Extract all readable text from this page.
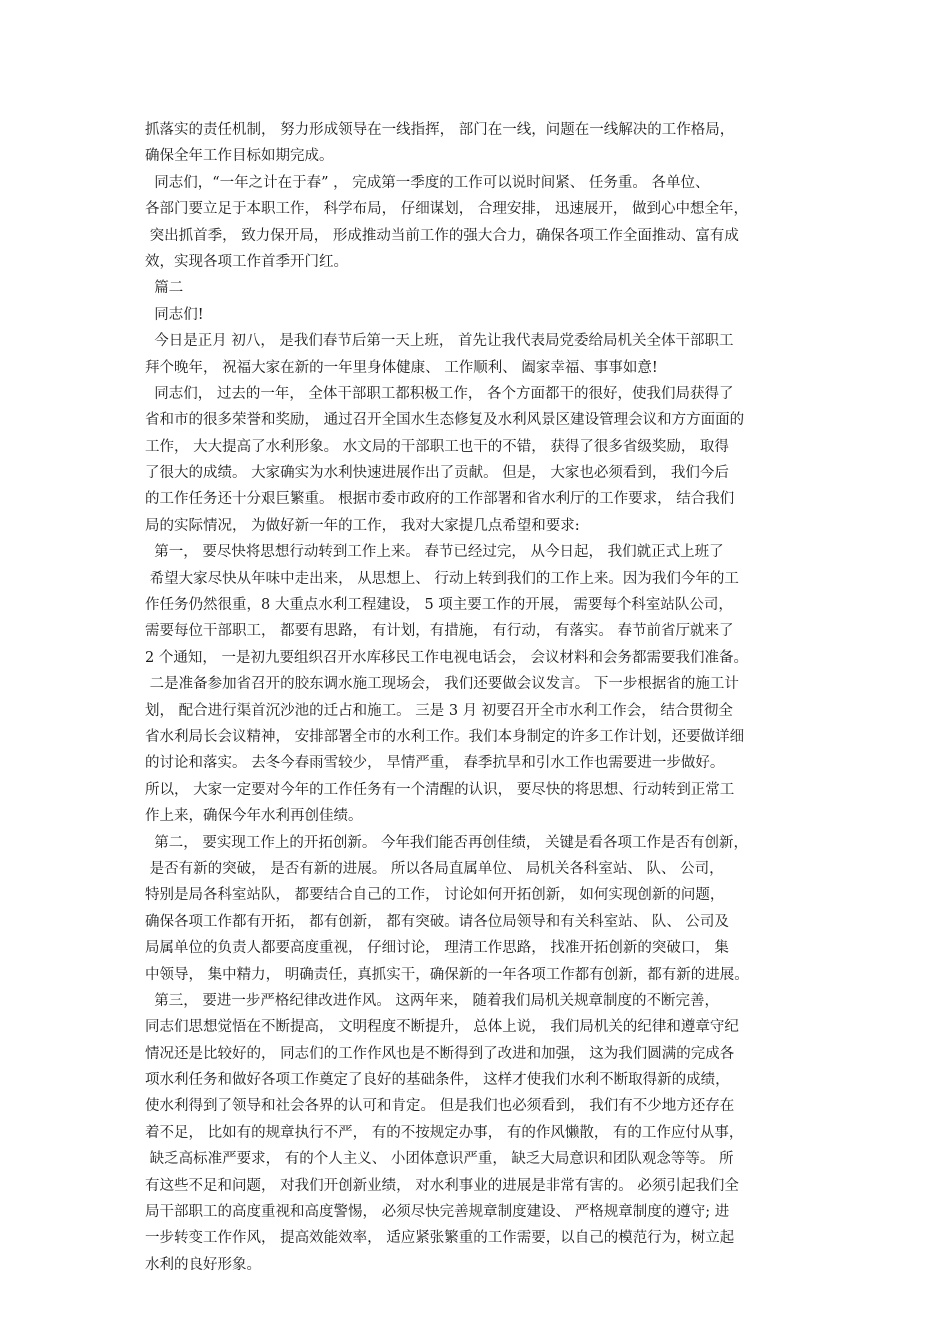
抓落实的责任机制， 努力形成领导在一线指挥， 部门在一线，问题在一线解决的工作格局，
确保全年工作目标如期完成。
同志们，“一年之计在于春” ， 完成第一季度的工作可以说时间紧、 任务重。 各单位、
各部门要立足于本职工作， 科学布局， 仔细谋划， 合理安排， 迅速展开， 做到心中想全年，
突出抓首季， 致力保开局， 形成推动当前工作的强大合力，确保各项工作全面推动、富有成
效，实现各项工作首季开门红。
篇二
同志们!
今日是正月 初八， 是我们春节后第一天上班， 首先让我代表局党委给局机关全体干部职工
拜个晚年， 祝福大家在新的一年里身体健康、 工作顺利、 阖家幸福、事事如意!
同志们， 过去的一年， 全体干部职工都积极工作， 各个方面都干的很好，使我们局获得了
省和市的很多荣誉和奖励， 通过召开全国水生态修复及水利风景区建设管理会议和方方面面的
工作， 大大提高了水利形象。 水文局的干部职工也干的不错， 获得了很多省级奖励， 取得
了很大的成绩。 大家确实为水利快速进展作出了贡献。 但是， 大家也必须看到， 我们今后
的工作任务还十分艰巨繁重。 根据市委市政府的工作部署和省水利厅的工作要求， 结合我们
局的实际情况， 为做好新一年的工作， 我对大家提几点希望和要求:
第一， 要尽快将思想行动转到工作上来。 春节已经过完， 从今日起， 我们就正式上班了
希望大家尽快从年味中走出来， 从思想上、 行动上转到我们的工作上来。因为我们今年的工
作任务仍然很重，8 大重点水利工程建设， 5 项主要工作的开展， 需要每个科室站队公司，
需要每位干部职工， 都要有思路， 有计划，有措施， 有行动， 有落实。 春节前省厅就来了
2 个通知， 一是初九要组织召开水库移民工作电视电话会， 会议材料和会务都需要我们准备。
二是准备参加省召开的胶东调水施工现场会， 我们还要做会议发言。 下一步根据省的施工计
划， 配合进行渠首沉沙池的迁占和施工。 三是 3 月 初要召开全市水利工作会， 结合贯彻全
省水利局长会议精神， 安排部署全市的水利工作。我们本身制定的许多工作计划，还要做详细
的讨论和落实。 去冬今春雨雪较少， 旱情严重， 春季抗旱和引水工作也需要进一步做好。
所以， 大家一定要对今年的工作任务有一个清醒的认识， 要尽快的将思想、行动转到正常工
作上来，确保今年水利再创佳绩。
第二， 要实现工作上的开拓创新。 今年我们能否再创佳绩， 关键是看各项工作是否有创新，
是否有新的突破， 是否有新的进展。 所以各局直属单位、 局机关各科室站、 队、 公司，
特别是局各科室站队， 都要结合自己的工作， 讨论如何开拓创新， 如何实现创新的问题，
确保各项工作都有开拓， 都有创新， 都有突破。请各位局领导和有关科室站、 队、 公司及
局属单位的负责人都要高度重视， 仔细讨论， 理清工作思路， 找准开拓创新的突破口， 集
中领导， 集中精力， 明确责任，真抓实干，确保新的一年各项工作都有创新，都有新的进展。
第三， 要进一步严格纪律改进作风。 这两年来， 随着我们局机关规章制度的不断完善，
同志们思想觉悟在不断提高， 文明程度不断提升， 总体上说， 我们局机关的纪律和遵章守纪
情况还是比较好的， 同志们的工作作风也是不断得到了改进和加强， 这为我们圆满的完成各
项水利任务和做好各项工作奠定了良好的基础条件， 这样才使我们水利不断取得新的成绩，
使水利得到了领导和社会各界的认可和肯定。 但是我们也必须看到， 我们有不少地方还存在
着不足， 比如有的规章执行不严， 有的不按规定办事， 有的作风懒散， 有的工作应付从事，
缺乏高标准严要求， 有的个人主义、 小团体意识严重， 缺乏大局意识和团队观念等等。 所
有这些不足和问题， 对我们开创新业绩， 对水利事业的进展是非常有害的。 必须引起我们全
局干部职工的高度重视和高度警惕， 必须尽快完善规章制度建设、 严格规章制度的遵守; 进
一步转变工作作风， 提高效能效率， 适应紧张繁重的工作需要，以自己的模范行为，树立起
水利的良好形象。
